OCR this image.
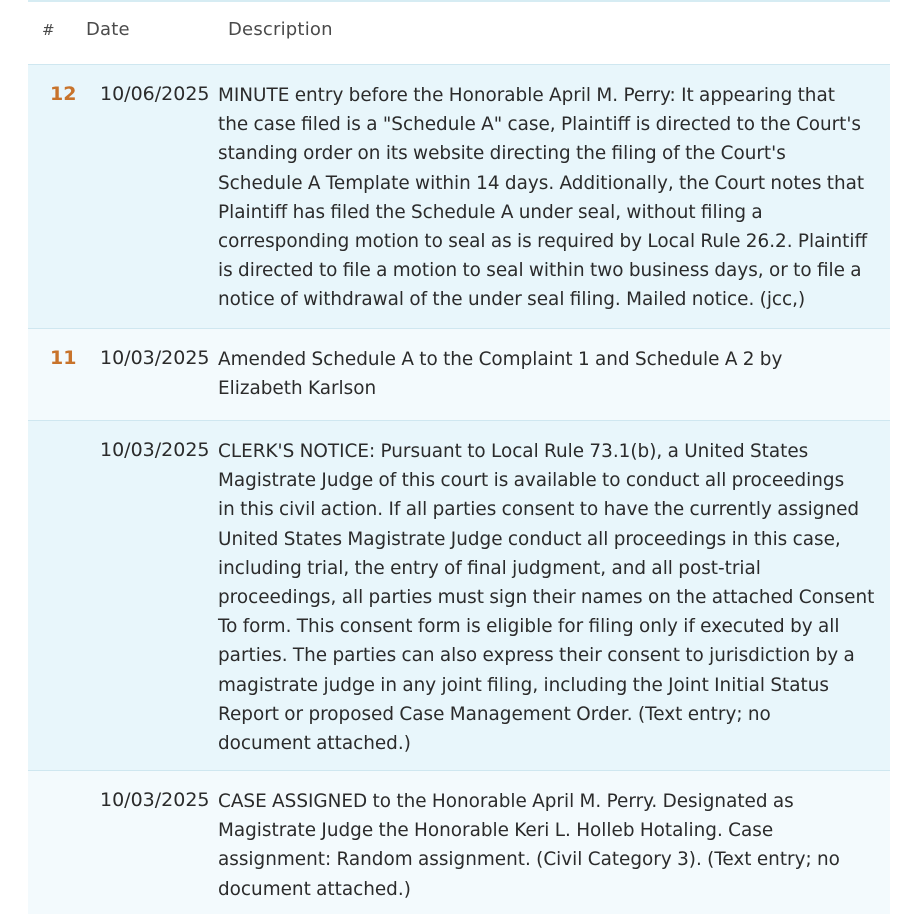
# Date	Description
12 10/06/2025 MINUTE entry before the Honorable April M. Perry: It appearing that
the case filed is a "Schedule A" case, Plaintiff is directed to the Court's
standing order on its website directing the filing of the Court's
Schedule A Template within 14 days. Additionally, the Court notes that
Plaintiff has filed the Schedule A under seal, without filing a
corresponding motion to seal as is required by Local Rule 26.2. Plaintiff
is directed to file a motion to seal within two business days, or to file a
notice of withdrawal of the under seal filing. Mailed notice. (jcc,)
11 10/03/2025 Amended Schedule A to the Complaint 1 and Schedule A 2 by
Elizabeth Karlson
10/03/2025 CLERK'S NOTICE: Pursuant to Local Rule 73.1(b), a United States
Magistrate Judge of this court is available to conduct all proceedings
in this civil action. If all parties consent to have the currently assigned
United States Magistrate Judge conduct all proceedings in this case,
including trial, the entry of final judgment, and all post-trial
proceedings, all parties must sign their names on the attached Consent
To form. This consent form is eligible for filing only if executed by all
parties. The parties can also express their consent to jurisdiction by a
magistrate judge in any joint filing, including the Joint Initial Status
Report or proposed Case Management Order. (Text entry; no
document attached.)
10/03/2025 CASE ASSIGNED to the Honorable April M. Perry. Designated as
Magistrate Judge the Honorable Keri L. Holleb Hotaling. Case
assignment: Random assignment. (Civil Category 3). (Text entry; no
document attached.)
